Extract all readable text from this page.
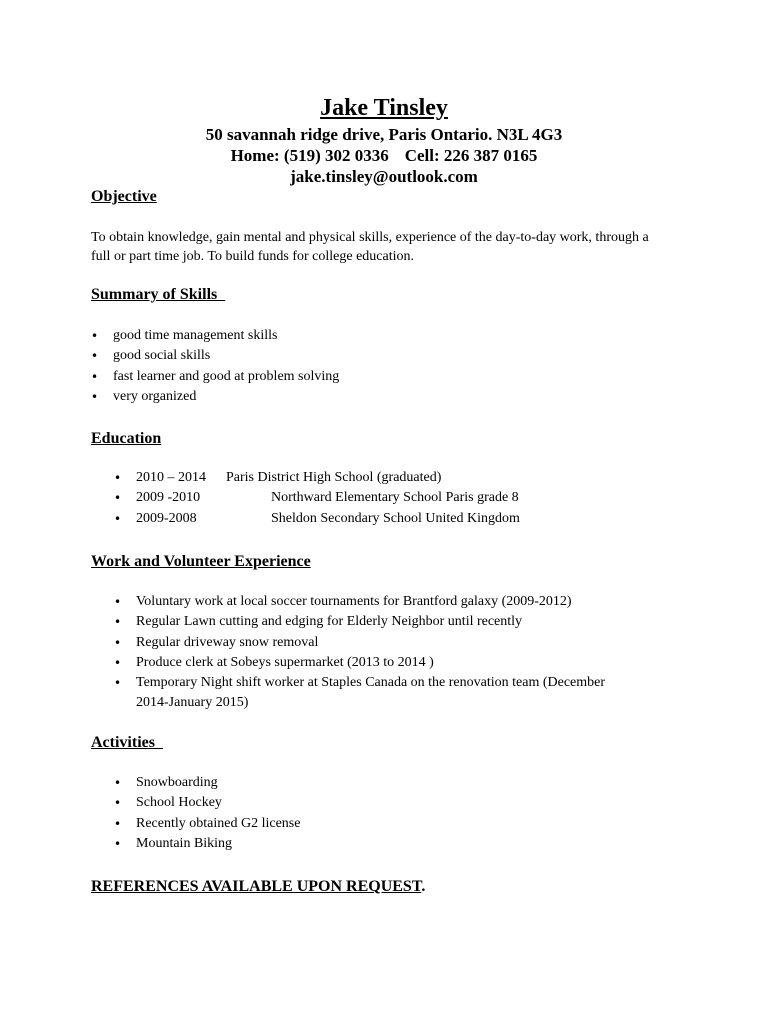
Jake Tinsley
50 savannah ridge drive, Paris Ontario. N3L 4G3
Home: (519) 302 0336 Cell: 226 387 0165
jake.tinsley@outlook.com
Objective
To obtain knowledge, gain mental and physical skills, experience of the day-to-day work, through a full or part time job. To build funds for college education.
Summary of Skills
• good time management skills
• good social skills
• fast learner and good at problem solving
• very organized
Education
• 2010 – 2014 Paris District High School (graduated)
• 2009 -2010	Northward Elementary School Paris grade 8
• 2009-2008	Sheldon Secondary School United Kingdom
Work and Volunteer Experience
• Voluntary work at local soccer tournaments for Brantford galaxy (2009-2012)
• Regular Lawn cutting and edging for Elderly Neighbor until recently
• Regular driveway snow removal
• Produce clerk at Sobeys supermarket (2013 to 2014 )
• Temporary Night shift worker at Staples Canada on the renovation team (December 2014-January 2015)
Activities
• Snowboarding
• School Hockey
• Recently obtained G2 license
• Mountain Biking
REFERENCES AVAILABLE UPON REQUEST.
